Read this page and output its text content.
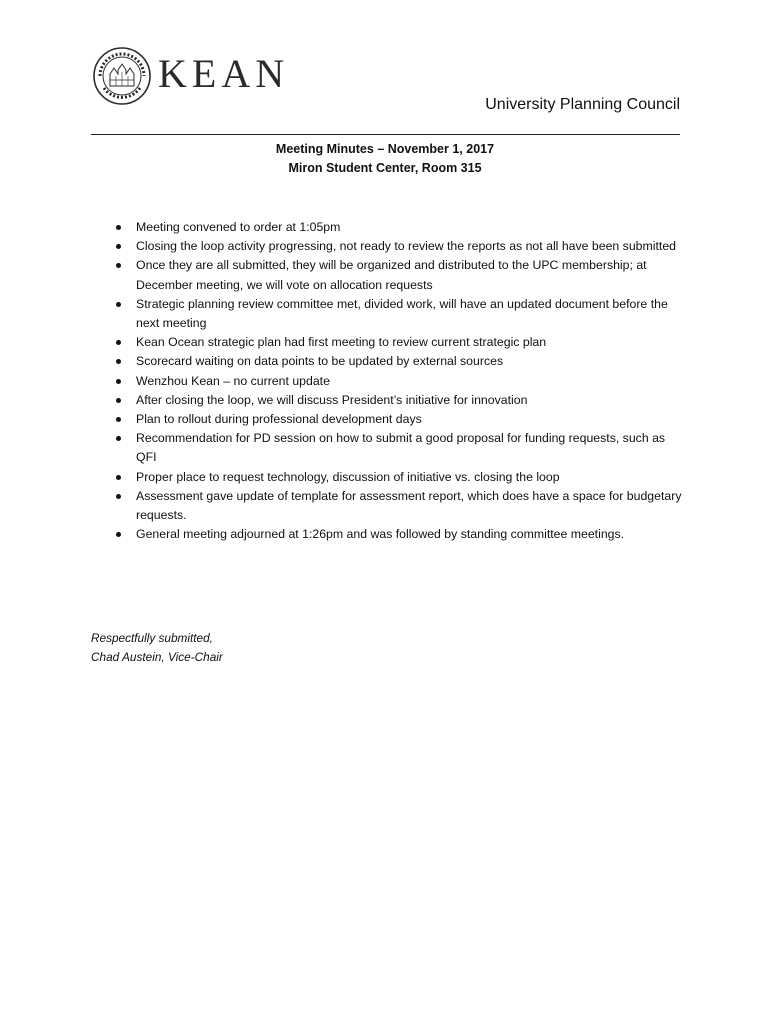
KEAN
University Planning Council
Meeting Minutes – November 1, 2017
Miron Student Center, Room 315
Meeting convened to order at 1:05pm
Closing the loop activity progressing, not ready to review the reports as not all have been submitted
Once they are all submitted, they will be organized and distributed to the UPC membership; at December meeting, we will vote on allocation requests
Strategic planning review committee met, divided work, will have an updated document before the next meeting
Kean Ocean strategic plan had first meeting to review current strategic plan
Scorecard waiting on data points to be updated by external sources
Wenzhou Kean – no current update
After closing the loop, we will discuss President’s initiative for innovation
Plan to rollout during professional development days
Recommendation for PD session on how to submit a good proposal for funding requests, such as QFI
Proper place to request technology, discussion of initiative vs. closing the loop
Assessment gave update of template for assessment report, which does have a space for budgetary requests.
General meeting adjourned at 1:26pm and was followed by standing committee meetings.
Respectfully submitted,
Chad Austein, Vice-Chair
